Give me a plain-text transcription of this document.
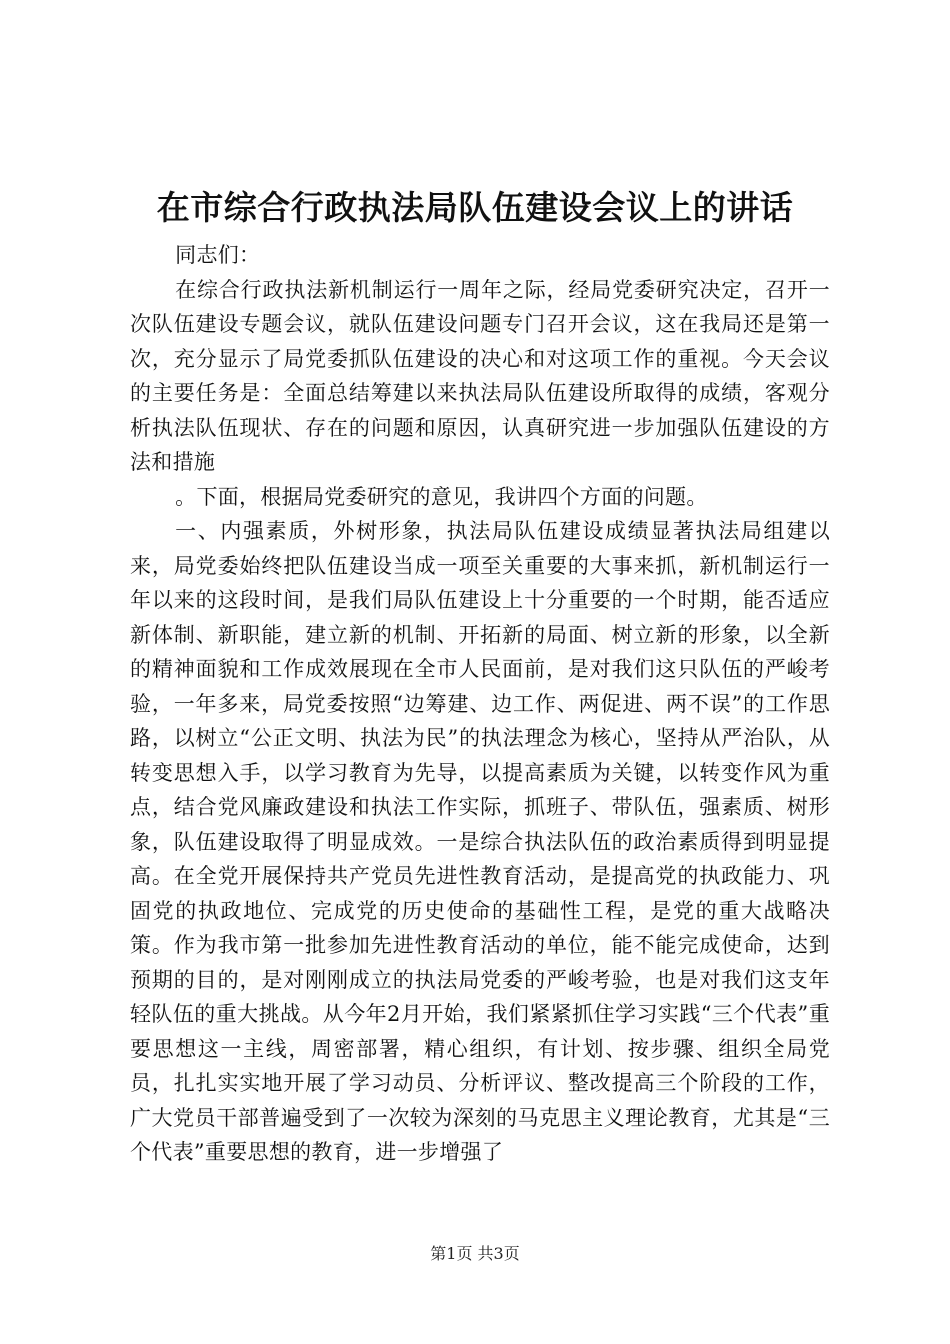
在市综合行政执法局队伍建设会议上的讲话

同志们：

在综合行政执法新机制运行一周年之际，经局党委研究决定，召开一次队伍建设专题会议，就队伍建设问题专门召开会议，这在我局还是第一次，充分显示了局党委抓队伍建设的决心和对这项工作的重视。今天会议的主要任务是：全面总结筹建以来执法局队伍建设所取得的成绩，客观分析执法队伍现状、存在的问题和原因，认真研究进一步加强队伍建设的方法和措施

。下面，根据局党委研究的意见，我讲四个方面的问题。

一、内强素质，外树形象，执法局队伍建设成绩显著执法局组建以来，局党委始终把队伍建设当成一项至关重要的大事来抓，新机制运行一年以来的这段时间，是我们局队伍建设上十分重要的一个时期，能否适应新体制、新职能，建立新的机制、开拓新的局面、树立新的形象，以全新的精神面貌和工作成效展现在全市人民面前，是对我们这只队伍的严峻考验，一年多来，局党委按照“边筹建、边工作、两促进、两不误”的工作思路，以树立“公正文明、执法为民”的执法理念为核心，坚持从严治队，从转变思想入手，以学习教育为先导，以提高素质为关键，以转变作风为重点，结合党风廉政建设和执法工作实际，抓班子、带队伍，强素质、树形象，队伍建设取得了明显成效。一是综合执法队伍的政治素质得到明显提高。在全党开展保持共产党员先进性教育活动，是提高党的执政能力、巩固党的执政地位、完成党的历史使命的基础性工程，是党的重大战略决策。作为我市第一批参加先进性教育活动的单位，能不能完成使命，达到预期的目的，是对刚刚成立的执法局党委的严峻考验，也是对我们这支年轻队伍的重大挑战。从今年2月开始，我们紧紧抓住学习实践“三个代表”重要思想这一主线，周密部署，精心组织，有计划、按步骤、组织全局党员，扎扎实实地开展了学习动员、分析评议、整改提高三个阶段的工作，广大党员干部普遍受到了一次较为深刻的马克思主义理论教育，尤其是“三个代表”重要思想的教育，进一步增强了

第1页 共3页
